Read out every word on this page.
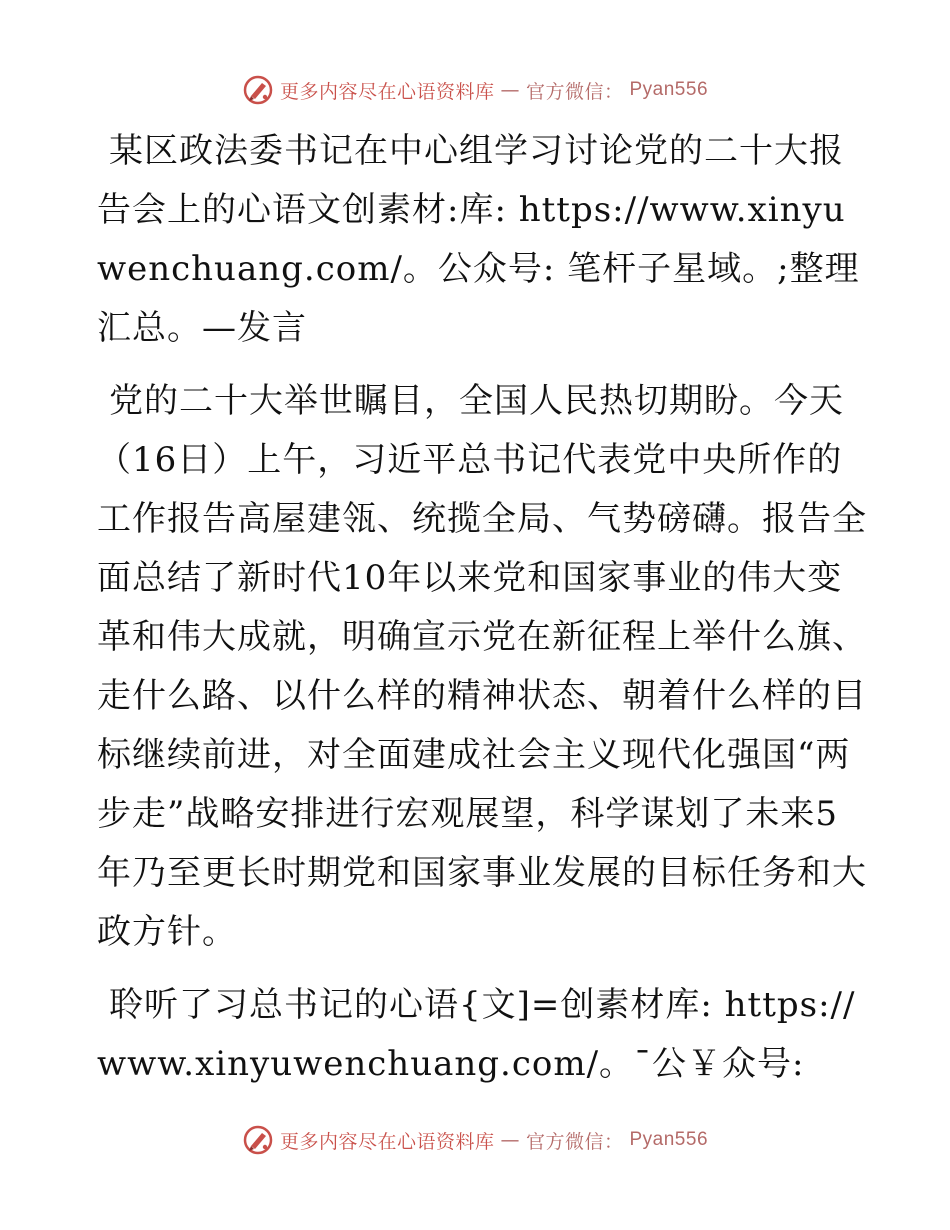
更多内容尽在心语资料库 — 官方微信： Pyan556

某区政法委书记在中心组学习讨论党的二十大报告会上的心语文创素材:库: https://www.xinyuwenchuang.com/。公众号: 笔杆子星域。;整理汇总。—发言

党的二十大举世瞩目，全国人民热切期盼。今天（16日）上午，习近平总书记代表党中央所作的工作报告高屋建瓴、统揽全局、气势磅礴。报告全面总结了新时代10年以来党和国家事业的伟大变革和伟大成就，明确宣示党在新征程上举什么旗、走什么路、以什么样的精神状态、朝着什么样的目标继续前进，对全面建成社会主义现代化强国“两步走”战略安排进行宏观展望，科学谋划了未来5年乃至更长时期党和国家事业发展的目标任务和大政方针。

聆听了习总书记的心语{文]=创素材库: https://www.xinyuwenchuang.com/。¯公￥众号:

更多内容尽在心语资料库 — 官方微信： Pyan556
